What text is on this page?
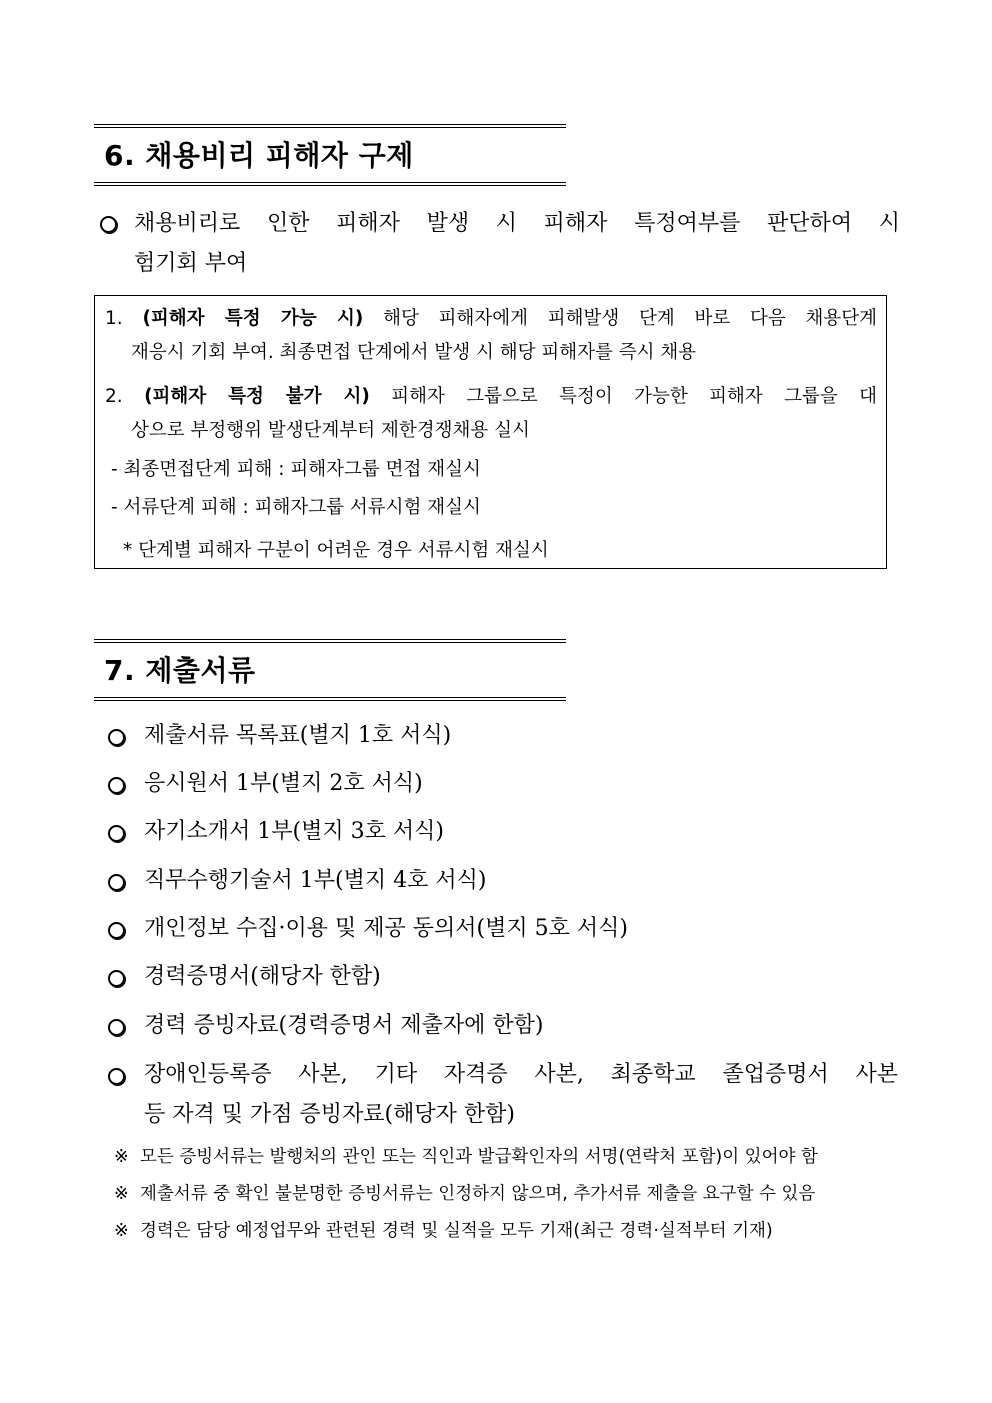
6. 채용비리 피해자 구제
채용비리로 인한 피해자 발생 시 피해자 특정여부를 판단하여 시
험기회 부여
1. (피해자 특정 가능 시) 해당 피해자에게 피해발생 단계 바로 다음 채용단계
재응시 기회 부여. 최종면접 단계에서 발생 시 해당 피해자를 즉시 채용
2. (피해자 특정 불가 시) 피해자 그룹으로 특정이 가능한 피해자 그룹을 대
상으로 부정행위 발생단계부터 제한경쟁채용 실시
- 최종면접단계 피해 : 피해자그룹 면접 재실시
- 서류단계 피해 : 피해자그룹 서류시험 재실시
* 단계별 피해자 구분이 어려운 경우 서류시험 재실시
7. 제출서류
제출서류 목록표(별지 1호 서식)
응시원서 1부(별지 2호 서식)
자기소개서 1부(별지 3호 서식)
직무수행기술서 1부(별지 4호 서식)
개인정보 수집·이용 및 제공 동의서(별지 5호 서식)
경력증명서(해당자 한함)
경력 증빙자료(경력증명서 제출자에 한함)
장애인등록증 사본, 기타 자격증 사본, 최종학교 졸업증명서 사본
등 자격 및 가점 증빙자료(해당자 한함)
※ 모든 증빙서류는 발행처의 관인 또는 직인과 발급확인자의 서명(연락처 포함)이 있어야 함
※ 제출서류 중 확인 불분명한 증빙서류는 인정하지 않으며, 추가서류 제출을 요구할 수 있음
※ 경력은 담당 예정업무와 관련된 경력 및 실적을 모두 기재(최근 경력·실적부터 기재)
